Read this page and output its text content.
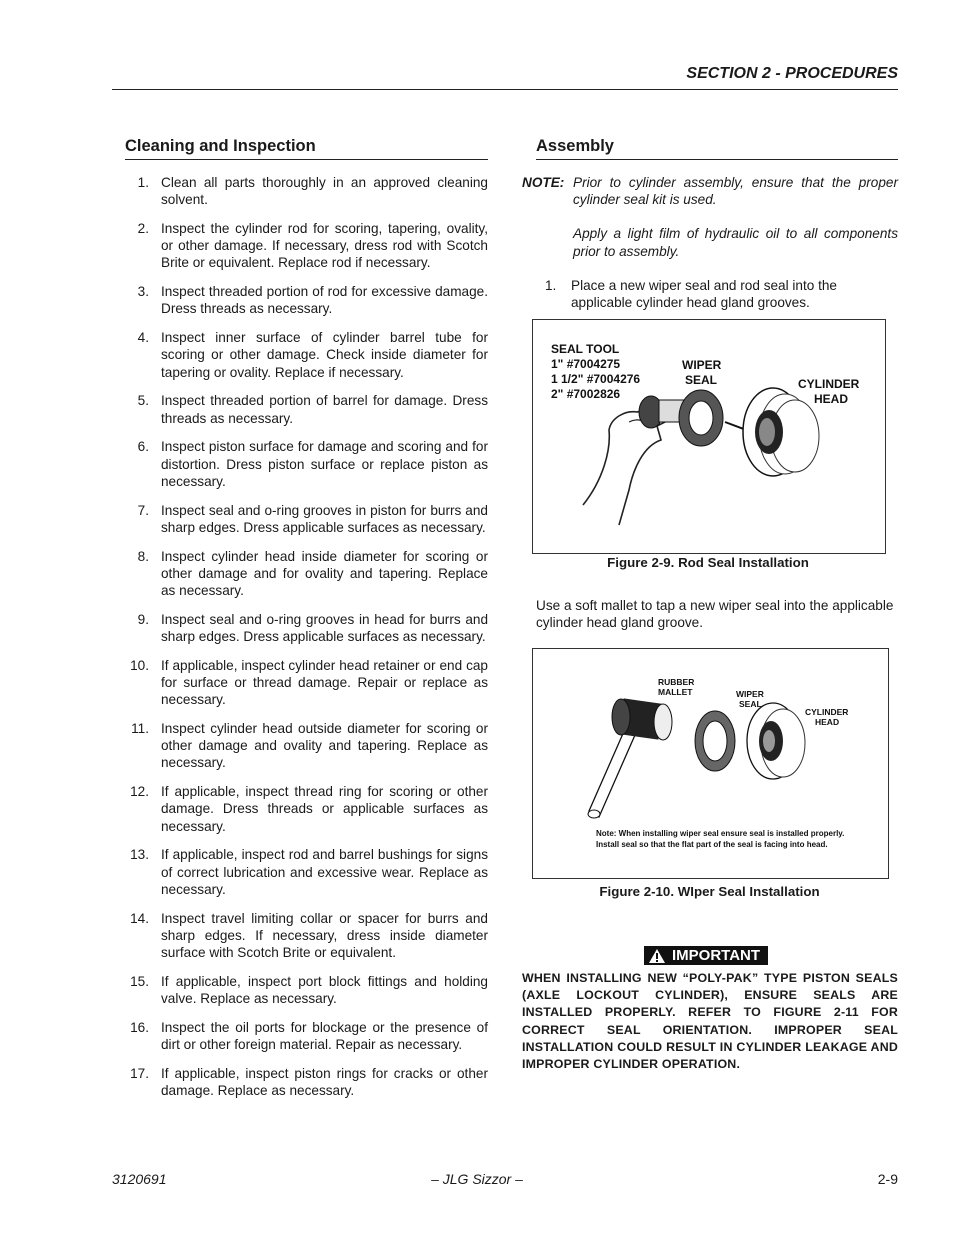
SECTION 2 - PROCEDURES
Cleaning and Inspection
1. Clean all parts thoroughly in an approved cleaning solvent.
2. Inspect the cylinder rod for scoring, tapering, ovality, or other damage. If necessary, dress rod with Scotch Brite or equivalent. Replace rod if necessary.
3. Inspect threaded portion of rod for excessive damage. Dress threads as necessary.
4. Inspect inner surface of cylinder barrel tube for scoring or other damage. Check inside diameter for tapering or ovality. Replace if necessary.
5. Inspect threaded portion of barrel for damage. Dress threads as necessary.
6. Inspect piston surface for damage and scoring and for distortion. Dress piston surface or replace piston as necessary.
7. Inspect seal and o-ring grooves in piston for burrs and sharp edges. Dress applicable surfaces as necessary.
8. Inspect cylinder head inside diameter for scoring or other damage and for ovality and tapering. Replace as necessary.
9. Inspect seal and o-ring grooves in head for burrs and sharp edges. Dress applicable surfaces as necessary.
10. If applicable, inspect cylinder head retainer or end cap for surface or thread damage. Repair or replace as necessary.
11. Inspect cylinder head outside diameter for scoring or other damage and ovality and tapering. Replace as necessary.
12. If applicable, inspect thread ring for scoring or other damage. Dress threads or applicable surfaces as necessary.
13. If applicable, inspect rod and barrel bushings for signs of correct lubrication and excessive wear. Replace as necessary.
14. Inspect travel limiting collar or spacer for burrs and sharp edges. If necessary, dress inside diameter surface with Scotch Brite or equivalent.
15. If applicable, inspect port block fittings and holding valve. Replace as necessary.
16. Inspect the oil ports for blockage or the presence of dirt or other foreign material. Repair as necessary.
17. If applicable, inspect piston rings for cracks or other damage. Replace as necessary.
Assembly
NOTE: Prior to cylinder assembly, ensure that the proper cylinder seal kit is used.

Apply a light film of hydraulic oil to all components prior to assembly.

1.	Place a new wiper seal and rod seal into the applicable cylinder head gland grooves.
SEAL TOOL
1" #7004275
1 1/2" #7004276
2" #7002826
WIPER
SEAL	CYLINDER
HEAD
Figure 2-9. Rod Seal Installation
Use a soft mallet to tap a new wiper seal into the applicable cylinder head gland groove.
RUBBER
MALLET	WIPER
SEAL
CYLINDER
HEAD
Note: When installing wiper seal ensure seal is installed properly. Install seal so that the flat part of the seal is facing into head.
Figure 2-10. WIper Seal Installation
IMPORTANT
WHEN INSTALLING NEW “POLY-PAK” TYPE PISTON SEALS (AXLE LOCKOUT CYLINDER), ENSURE SEALS ARE INSTALLED PROPERLY. REFER TO FIGURE 2-11 FOR CORRECT SEAL ORIENTATION. IMPROPER SEAL INSTALLATION COULD RESULT IN CYLINDER LEAKAGE AND IMPROPER CYLINDER OPERATION.
3120691	– JLG Sizzor –	2-9
